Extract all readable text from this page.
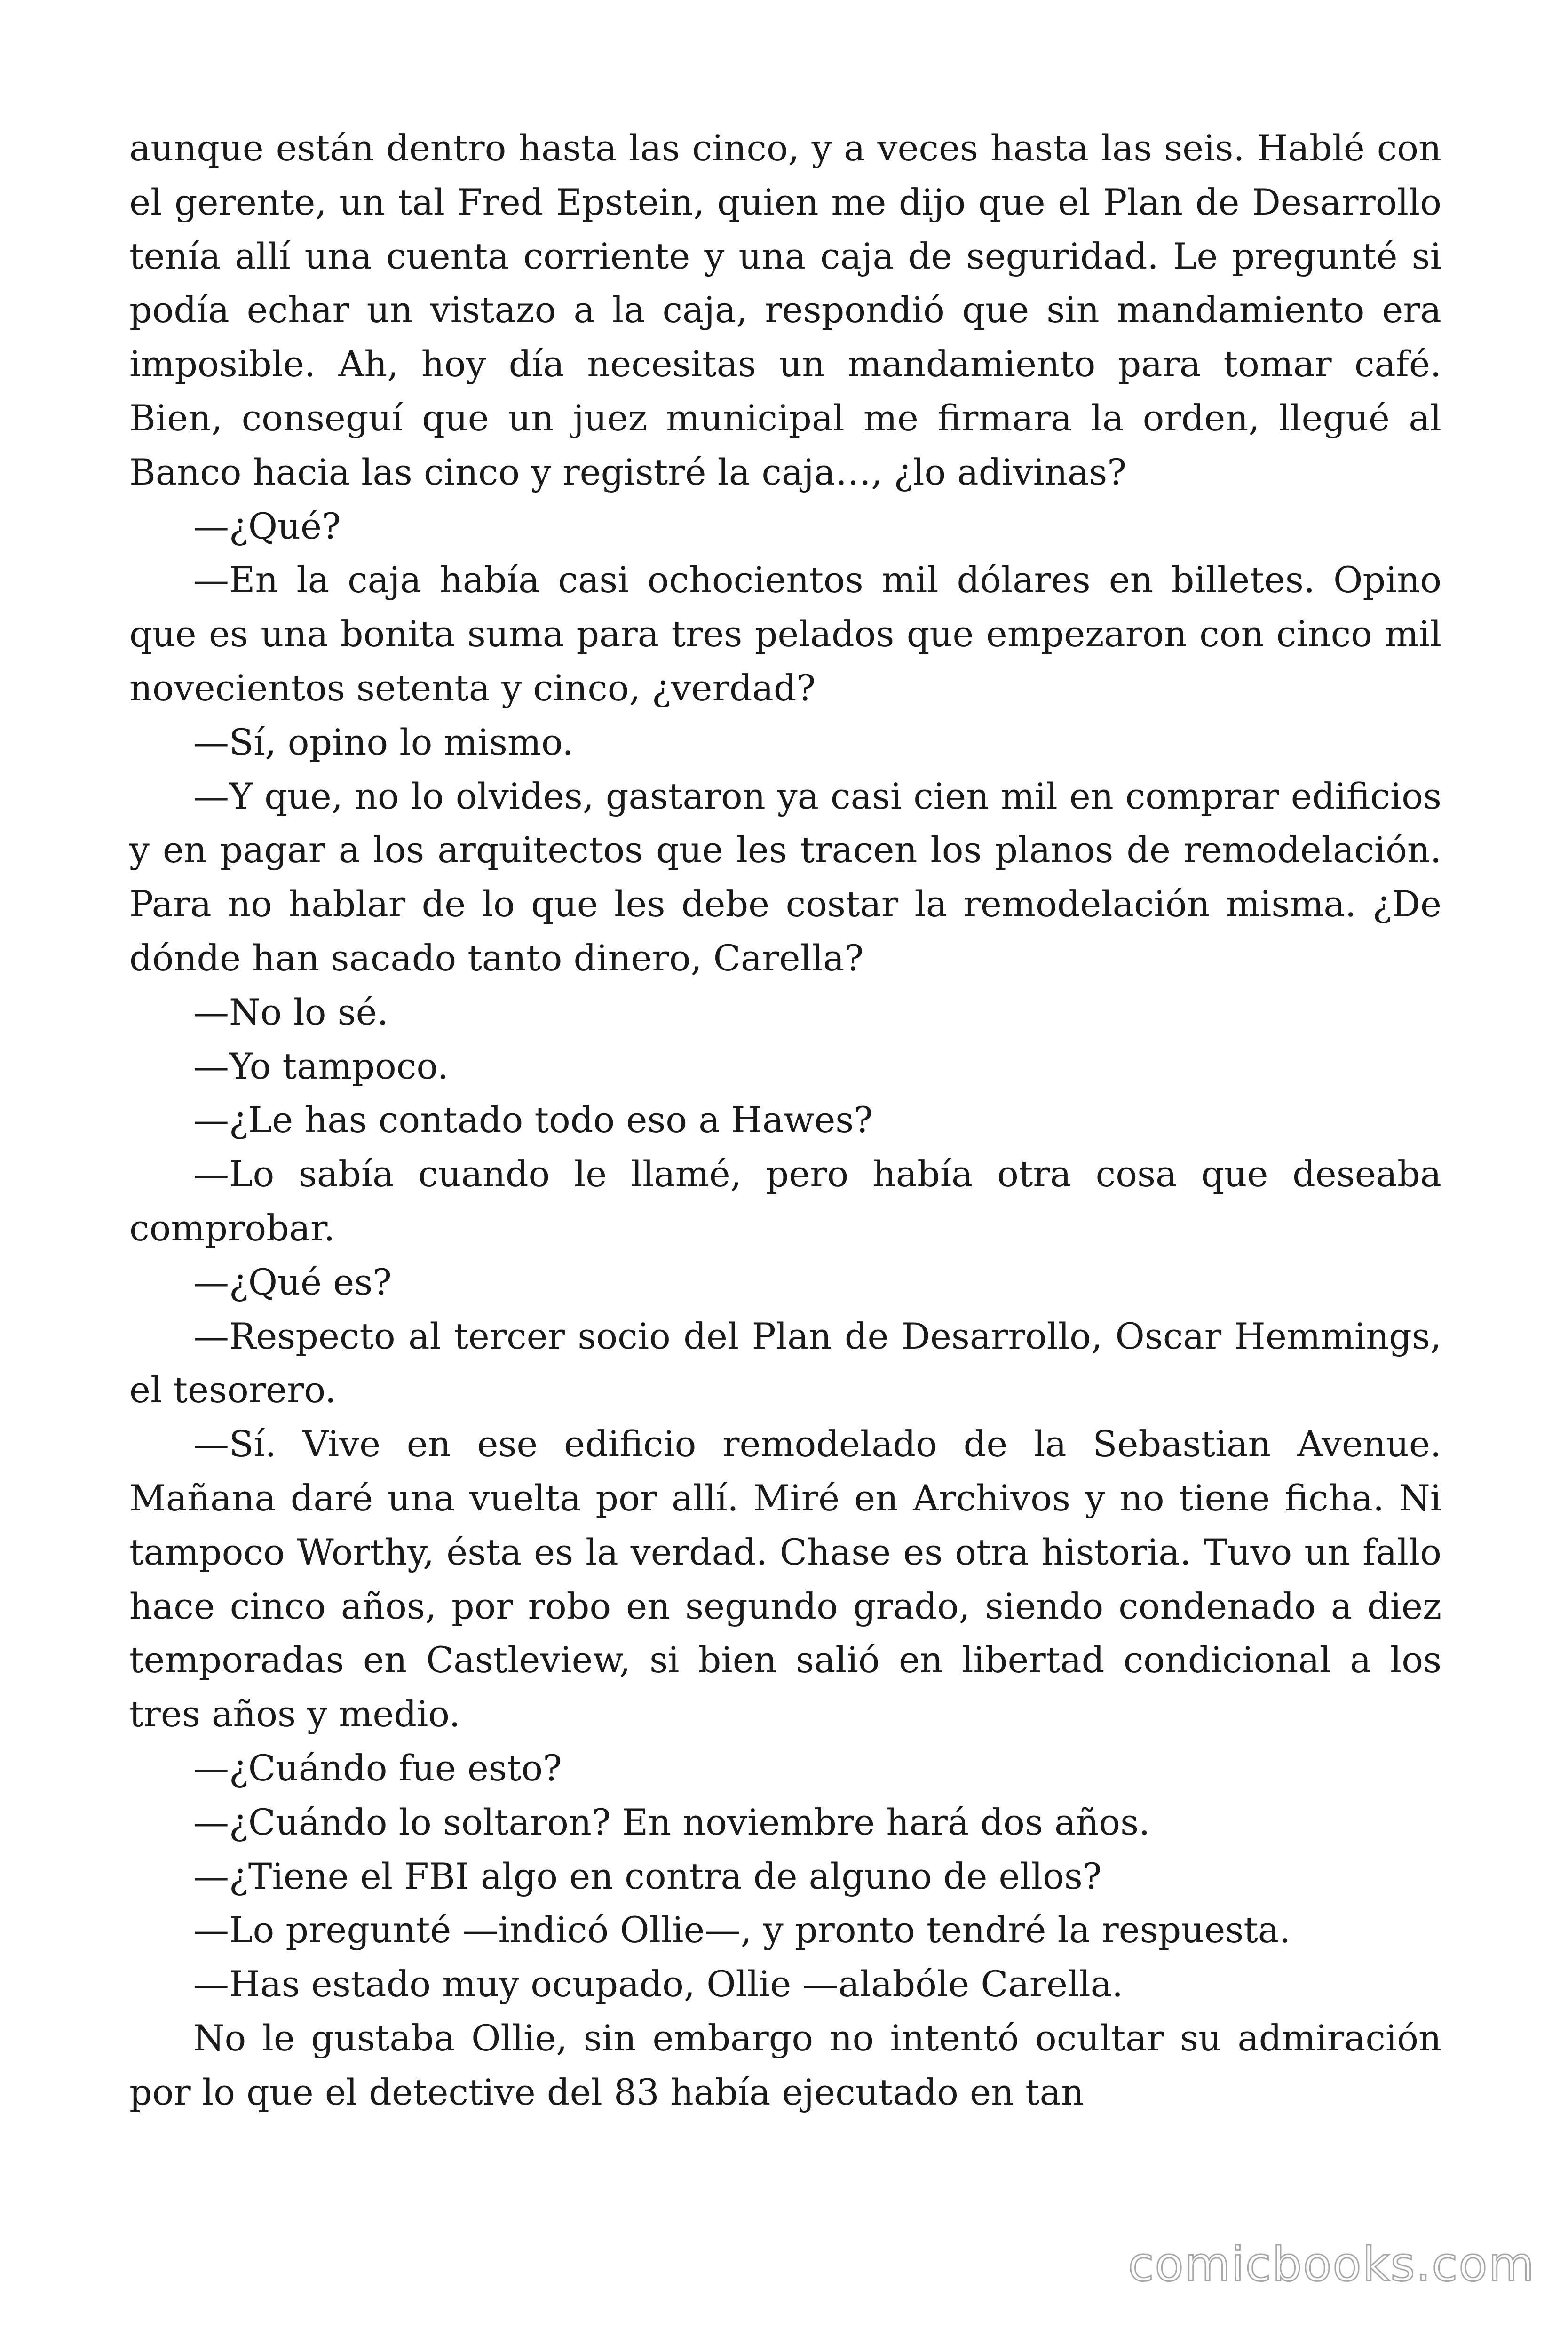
aunque están dentro hasta las cinco, y a veces hasta las seis. Hablé con el gerente, un tal Fred Epstein, quien me dijo que el Plan de Desarrollo tenía allí una cuenta corriente y una caja de seguridad. Le pregunté si podía echar un vistazo a la caja, respondió que sin mandamiento era imposible. Ah, hoy día necesitas un mandamiento para tomar café. Bien, conseguí que un juez municipal me firmara la orden, llegué al Banco hacia las cinco y registré la caja…, ¿lo adivinas?

—¿Qué?

—En la caja había casi ochocientos mil dólares en billetes. Opino que es una bonita suma para tres pelados que empezaron con cinco mil novecientos setenta y cinco, ¿verdad?

—Sí, opino lo mismo.

—Y que, no lo olvides, gastaron ya casi cien mil en comprar edificios y en pagar a los arquitectos que les tracen los planos de remodelación. Para no hablar de lo que les debe costar la remodelación misma. ¿De dónde han sacado tanto dinero, Carella?

—No lo sé.

—Yo tampoco.

—¿Le has contado todo eso a Hawes?

—Lo sabía cuando le llamé, pero había otra cosa que deseaba comprobar.

—¿Qué es?

—Respecto al tercer socio del Plan de Desarrollo, Oscar Hemmings, el tesorero.

—Sí. Vive en ese edificio remodelado de la Sebastian Avenue. Mañana daré una vuelta por allí. Miré en Archivos y no tiene ficha. Ni tampoco Worthy, ésta es la verdad. Chase es otra historia. Tuvo un fallo hace cinco años, por robo en segundo grado, siendo condenado a diez temporadas en Castleview, si bien salió en libertad condicional a los tres años y medio.

—¿Cuándo fue esto?

—¿Cuándo lo soltaron? En noviembre hará dos años.

—¿Tiene el FBI algo en contra de alguno de ellos?

—Lo pregunté —indicó Ollie—, y pronto tendré la respuesta.

—Has estado muy ocupado, Ollie —alabóle Carella.

No le gustaba Ollie, sin embargo no intentó ocultar su admiración por lo que el detective del 83 había ejecutado en tan

comicbooks.com
